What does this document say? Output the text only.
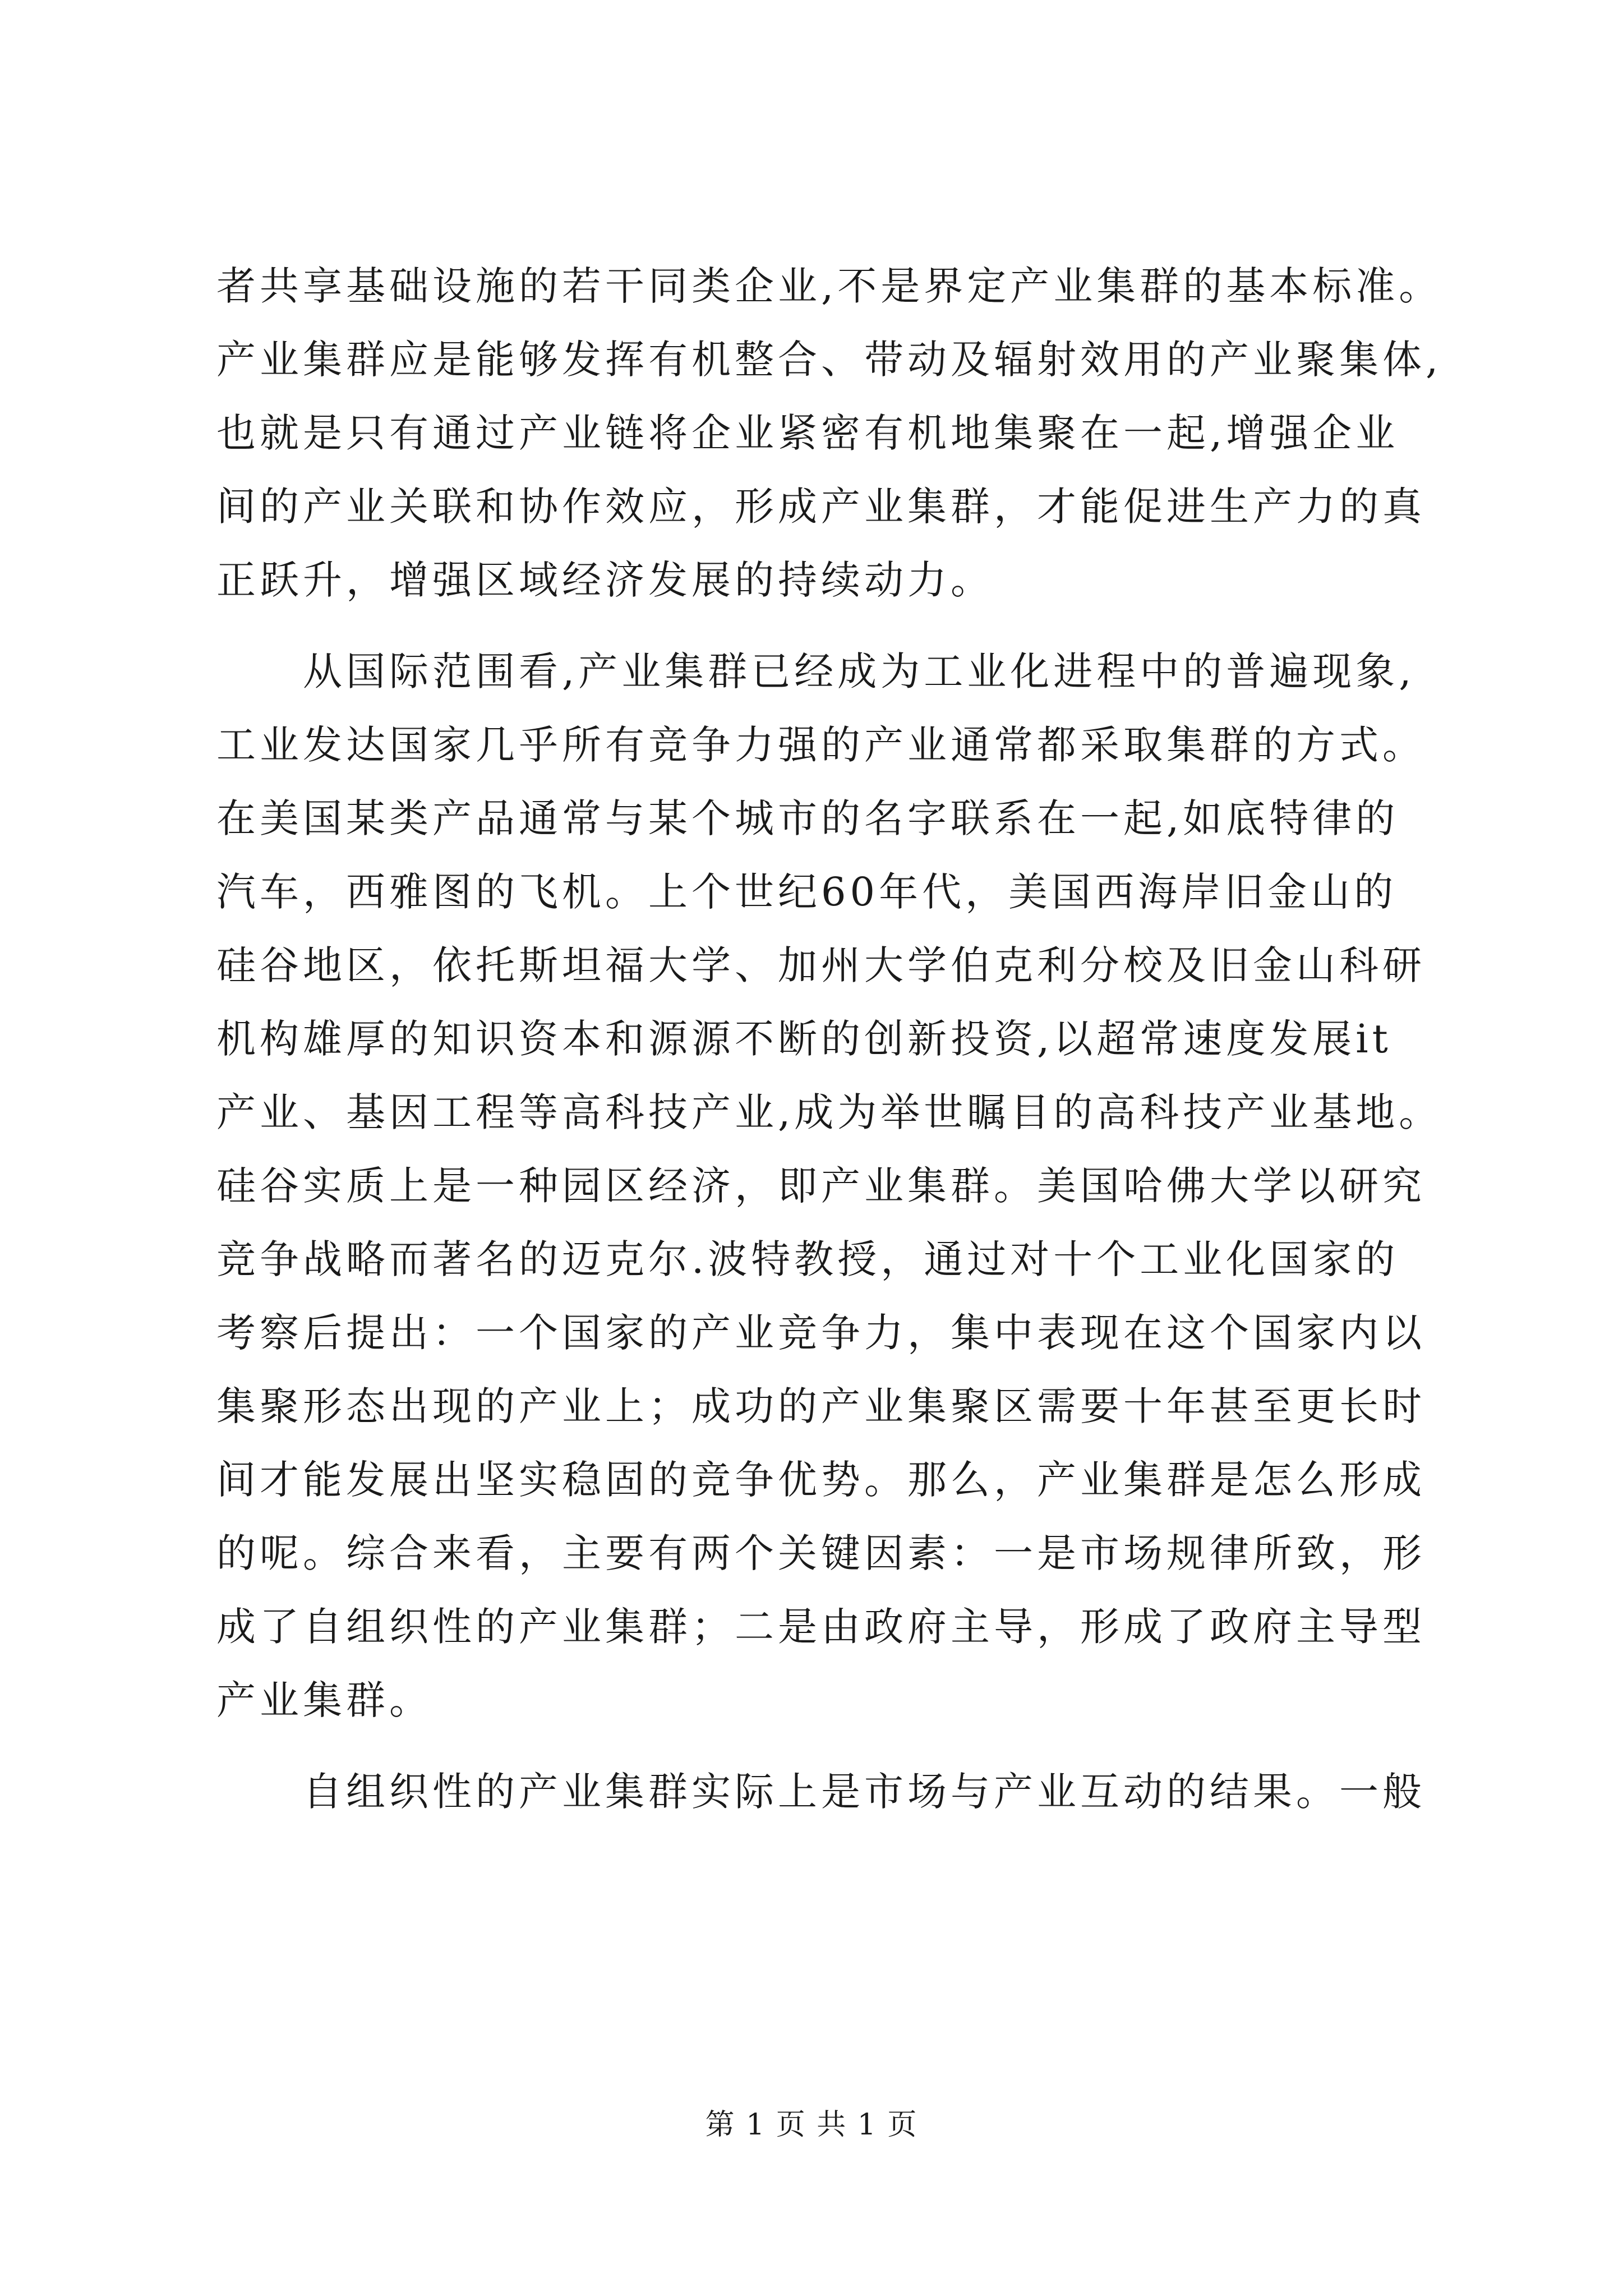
者共享基础设施的若干同类企业,不是界定产业集群的基本标准。
产业集群应是能够发挥有机整合、带动及辐射效用的产业聚集体,
也就是只有通过产业链将企业紧密有机地集聚在一起,增强企业
间的产业关联和协作效应，形成产业集群，才能促进生产力的真
正跃升，增强区域经济发展的持续动力。
从国际范围看,产业集群已经成为工业化进程中的普遍现象,
工业发达国家几乎所有竞争力强的产业通常都采取集群的方式。
在美国某类产品通常与某个城市的名字联系在一起,如底特律的
汽车，西雅图的飞机。上个世纪60年代，美国西海岸旧金山的
硅谷地区，依托斯坦福大学、加州大学伯克利分校及旧金山科研
机构雄厚的知识资本和源源不断的创新投资,以超常速度发展it
产业、基因工程等高科技产业,成为举世瞩目的高科技产业基地。
硅谷实质上是一种园区经济，即产业集群。美国哈佛大学以研究
竞争战略而著名的迈克尔.波特教授，通过对十个工业化国家的
考察后提出：一个国家的产业竞争力，集中表现在这个国家内以
集聚形态出现的产业上；成功的产业集聚区需要十年甚至更长时
间才能发展出坚实稳固的竞争优势。那么，产业集群是怎么形成
的呢。综合来看，主要有两个关键因素：一是市场规律所致，形
成了自组织性的产业集群；二是由政府主导，形成了政府主导型
产业集群。
自组织性的产业集群实际上是市场与产业互动的结果。一般
第 1 页 共 1 页
